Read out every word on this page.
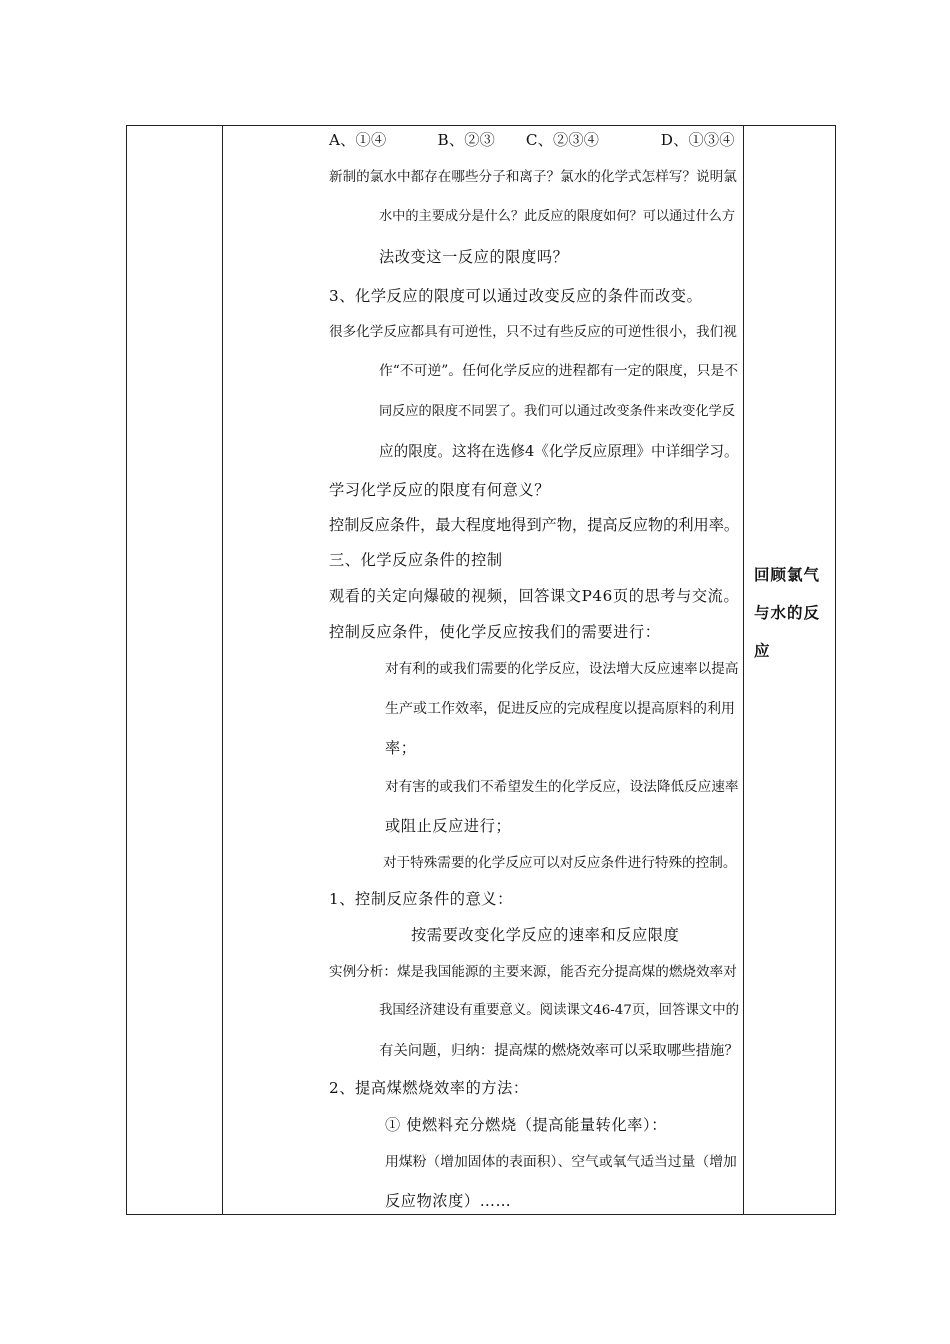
A、①④　　　 B、②③　　C、②③④　　　　D、①③④
新制的氯水中都存在哪些分子和离子？氯水的化学式怎样写？说明氯
水中的主要成分是什么？此反应的限度如何？可以通过什么方
法改变这一反应的限度吗？
3、化学反应的限度可以通过改变反应的条件而改变。
很多化学反应都具有可逆性，只不过有些反应的可逆性很小，我们视
作“不可逆”。任何化学反应的进程都有一定的限度，只是不
同反应的限度不同罢了。我们可以通过改变条件来改变化学反
应的限度。这将在选修4《化学反应原理》中详细学习。
学习化学反应的限度有何意义？
控制反应条件，最大程度地得到产物，提高反应物的利用率。
三、化学反应条件的控制
观看的关定向爆破的视频，回答课文P46页的思考与交流。
控制反应条件，使化学反应按我们的需要进行：
对有利的或我们需要的化学反应，设法增大反应速率以提高
生产或工作效率，促进反应的完成程度以提高原料的利用
率；
对有害的或我们不希望发生的化学反应，设法降低反应速率
或阻止反应进行；
对于特殊需要的化学反应可以对反应条件进行特殊的控制。
1、控制反应条件的意义：
按需要改变化学反应的速率和反应限度
实例分析：煤是我国能源的主要来源，能否充分提高煤的燃烧效率对
我国经济建设有重要意义。阅读课文46-47页，回答课文中的
有关问题，归纳：提高煤的燃烧效率可以采取哪些措施？
2、提高煤燃烧效率的方法：
① 使燃料充分燃烧（提高能量转化率）：
用煤粉（增加固体的表面积）、空气或氧气适当过量（增加
反应物浓度）……

回顾氯气与水的反应
